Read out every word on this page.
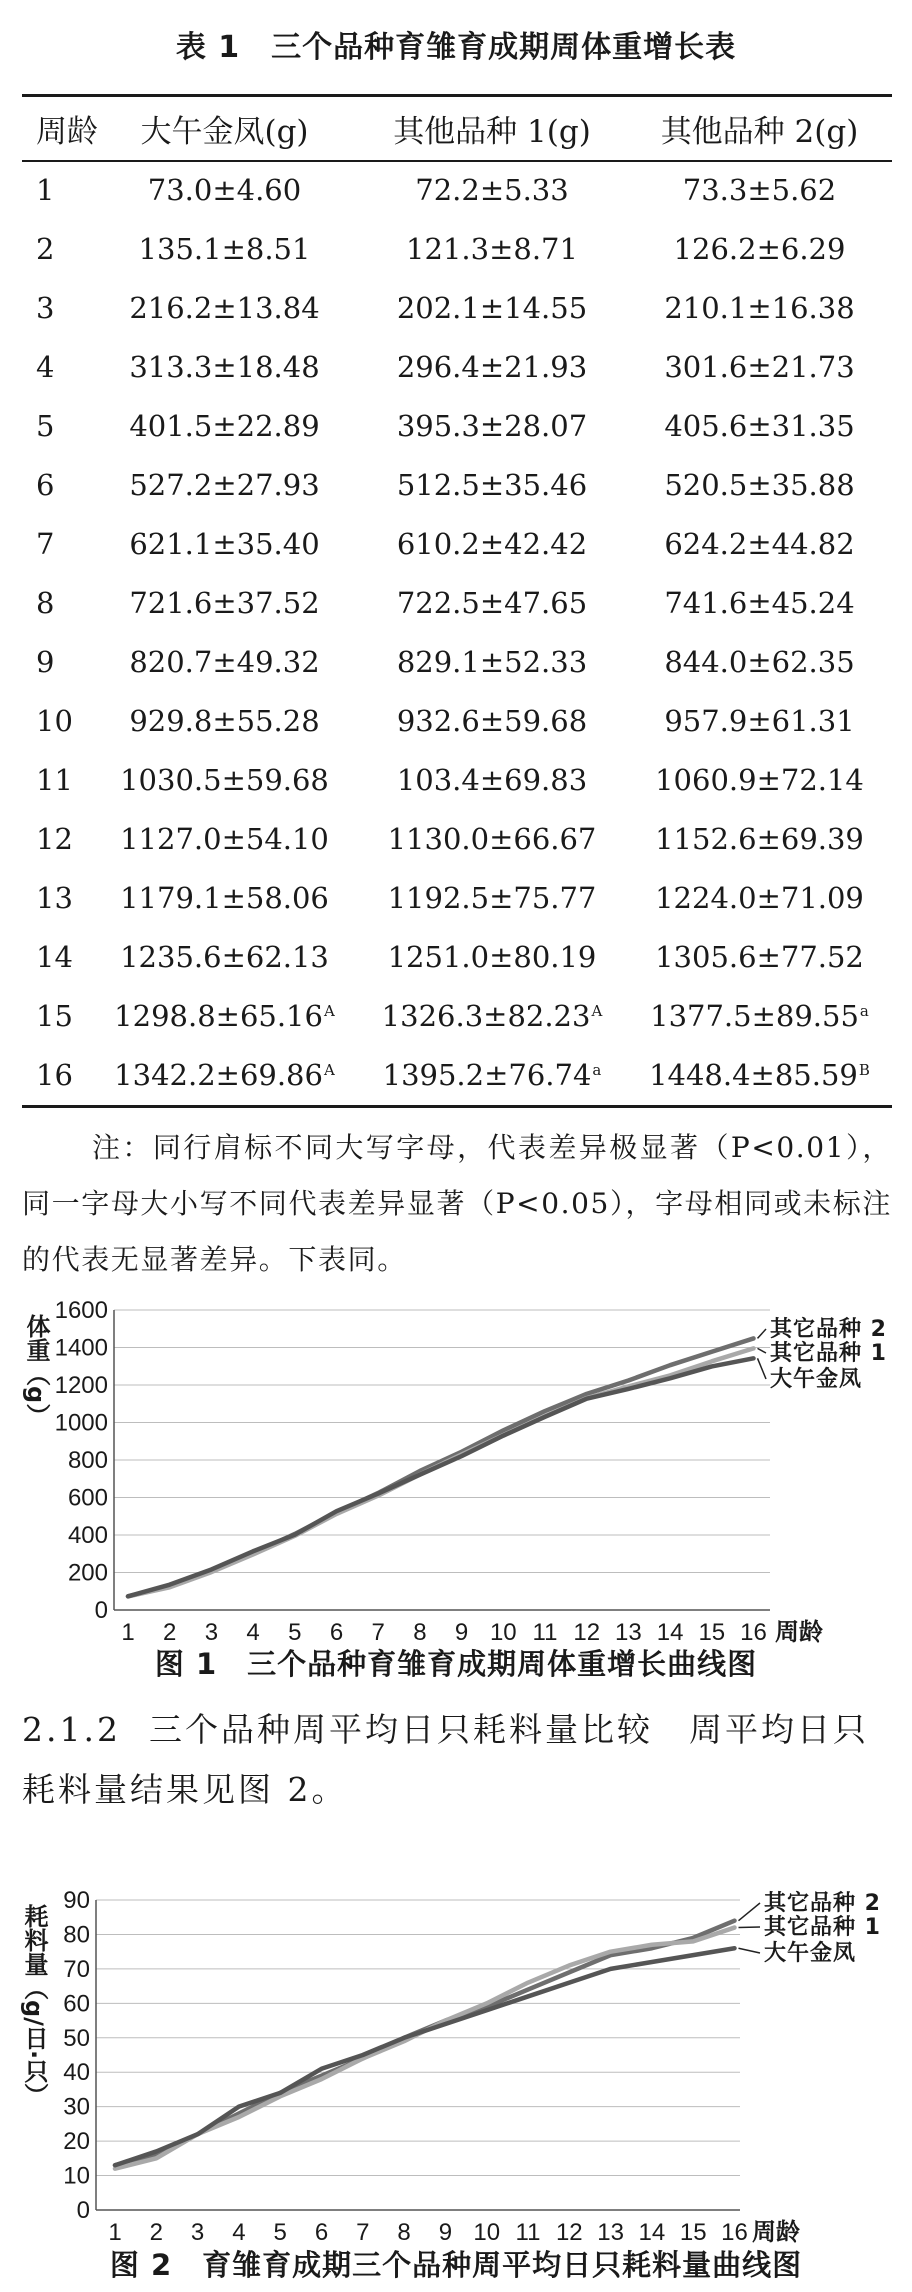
表 1　三个品种育雏育成期周体重增长表
周龄	大午金凤(g)	其他品种 1(g)	其他品种 2(g)
1	73.0±4.60	72.2±5.33	73.3±5.62
2	135.1±8.51	121.3±8.71	126.2±6.29
3	216.2±13.84	202.1±14.55	210.1±16.38
4	313.3±18.48	296.4±21.93	301.6±21.73
5	401.5±22.89	395.3±28.07	405.6±31.35
6	527.2±27.93	512.5±35.46	520.5±35.88
7	621.1±35.40	610.2±42.42	624.2±44.82
8	721.6±37.52	722.5±47.65	741.6±45.24
9	820.7±49.32	829.1±52.33	844.0±62.35
10	929.8±55.28	932.6±59.68	957.9±61.31
11	1030.5±59.68	103.4±69.83	1060.9±72.14
12	1127.0±54.10	1130.0±66.67	1152.6±69.39
13	1179.1±58.06	1192.5±75.77	1224.0±71.09
14	1235.6±62.13	1251.0±80.19	1305.6±77.52
15	$1298.8\pm 65.16^A$	$1326.3\pm 82.23^A$	1377.5±89.55$^a$
16	$1342.2\pm 69.86^A$	1395.2±76.74$^a$	$1448.4\pm 85.59^B$
注：同行肩标不同大写字母，代表差异极显著（P<0.01），同一字母大小写不同代表差异显著（P<0.05），字母相同或未标注的代表无显著差异。下表同。
0
200
400
600
800
1000
1200
1400
1600
1 2 3 4 5 6 7 8 9 10 11 12 13 14 15 16 周龄
体重（g）	其它品种 2
其它品种 1
大午金凤
图 1　三个品种育雏育成期周体重增长曲线图
2.1.2 三个品种周平均日只耗料量比较　周平均日只耗料量结果见图 2。
0
10
20
30
40
50
60
70
80
90
1 2 3 4 5 6 7 8 9 10 11 12 13 14 15 16 周龄
耗料量（g/日·只）
其它品种 2
其它品种 1
大午金凤
图 2　育雏育成期三个品种周平均日只耗料量曲线图
